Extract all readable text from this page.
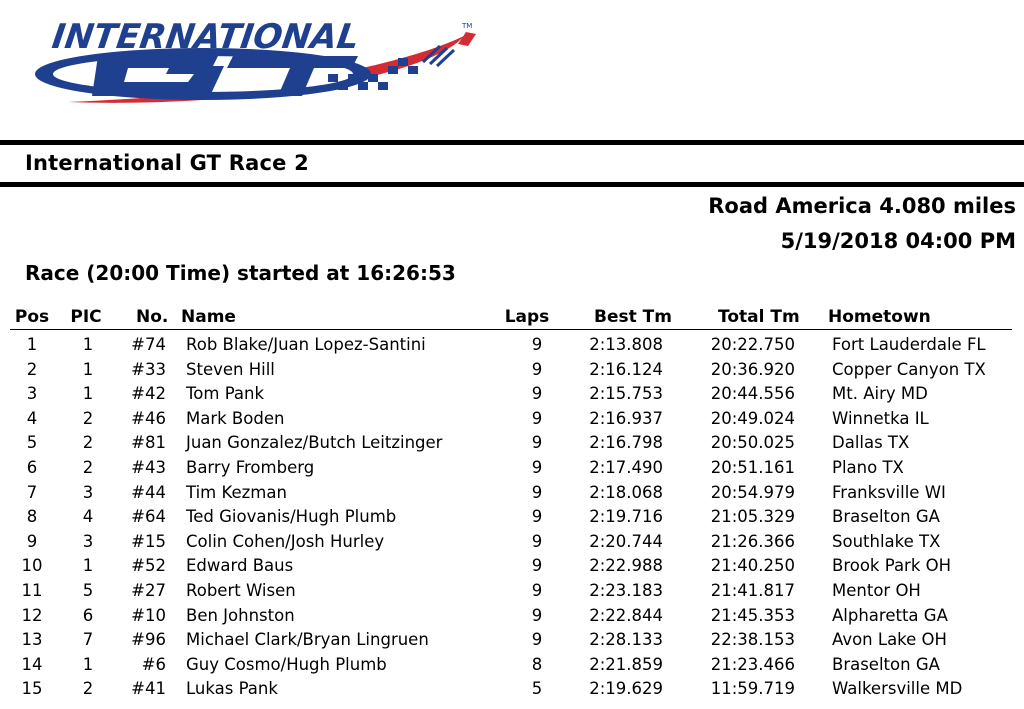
INTERNATIONAL	TM
International GT Race 2
Road America 4.080 miles
5/19/2018 04:00 PM
Race (20:00 Time) started at 16:26:53
Pos PIC No. Name	Laps	Best Tm	Total Tm Hometown
1	1	#74 Rob Blake/Juan Lopez-Santini	9	2:13.808	20:22.750 Fort Lauderdale FL
2	1	#33 Steven Hill	9	2:16.124	20:36.920 Copper Canyon TX
3	1	#42 Tom Pank	9	2:15.753	20:44.556 Mt. Airy MD
4	2	#46 Mark Boden	9	2:16.937	20:49.024 Winnetka IL
5	2	#81 Juan Gonzalez/Butch Leitzinger	9	2:16.798	20:50.025 Dallas TX
6	2	#43 Barry Fromberg	9	2:17.490	20:51.161 Plano TX
7	3	#44 Tim Kezman	9	2:18.068	20:54.979 Franksville WI
8	4	#64 Ted Giovanis/Hugh Plumb	9	2:19.716	21:05.329 Braselton GA
9	3	#15 Colin Cohen/Josh Hurley	9	2:20.744	21:26.366 Southlake TX
10	1	#52 Edward Baus	9	2:22.988	21:40.250 Brook Park OH
11	5	#27 Robert Wisen	9	2:23.183	21:41.817 Mentor OH
12	6	#10 Ben Johnston	9	2:22.844	21:45.353 Alpharetta GA
13	7	#96 Michael Clark/Bryan Lingruen	9	2:28.133	22:38.153 Avon Lake OH
14	1	#6 Guy Cosmo/Hugh Plumb	8	2:21.859	21:23.466 Braselton GA
15	2	#41 Lukas Pank	5	2:19.629	11:59.719 Walkersville MD
